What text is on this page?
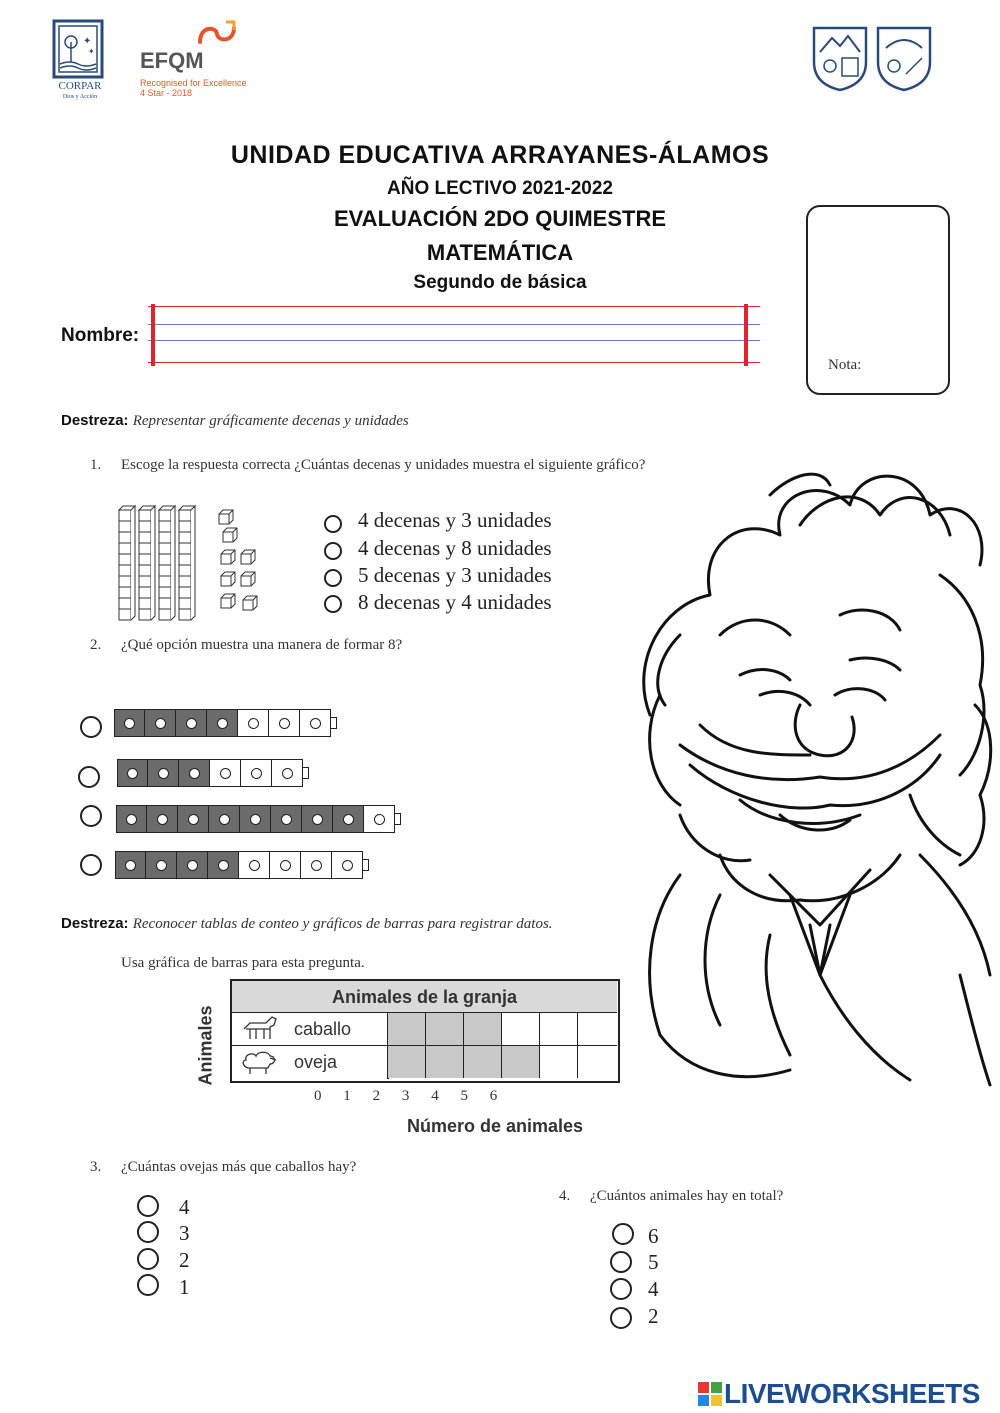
✦
✦
CORPAR
Dios y Acción
EFQM
Recognised for Excellence
4 Star - 2018
UNIDAD EDUCATIVA ARRAYANES-ÁLAMOS
AÑO LECTIVO 2021-2022
EVALUACIÓN 2DO QUIMESTRE
MATEMÁTICA
Segundo de básica
Nombre:
Nota:
Destreza: Representar gráficamente decenas y unidades
1. Escoge la respuesta correcta ¿Cuántas decenas y unidades muestra el siguiente gráfico?
4 decenas y 3 unidades
4 decenas y 8 unidades
5 decenas y 3 unidades
8 decenas y 4 unidades
2. ¿Qué opción muestra una manera de formar 8?
Destreza: Reconocer tablas de conteo y gráficos de barras para registrar datos.
Usa gráfica de barras para esta pregunta.
Animales
Animales de la granja
caballo
oveja
0 1 2 3 4 5 6
Número de animales
3. ¿Cuántas ovejas más que caballos hay?
4
3
2
1
4. ¿Cuántos animales hay en total?
6
5
4
2
LIVEWORKSHEETS
